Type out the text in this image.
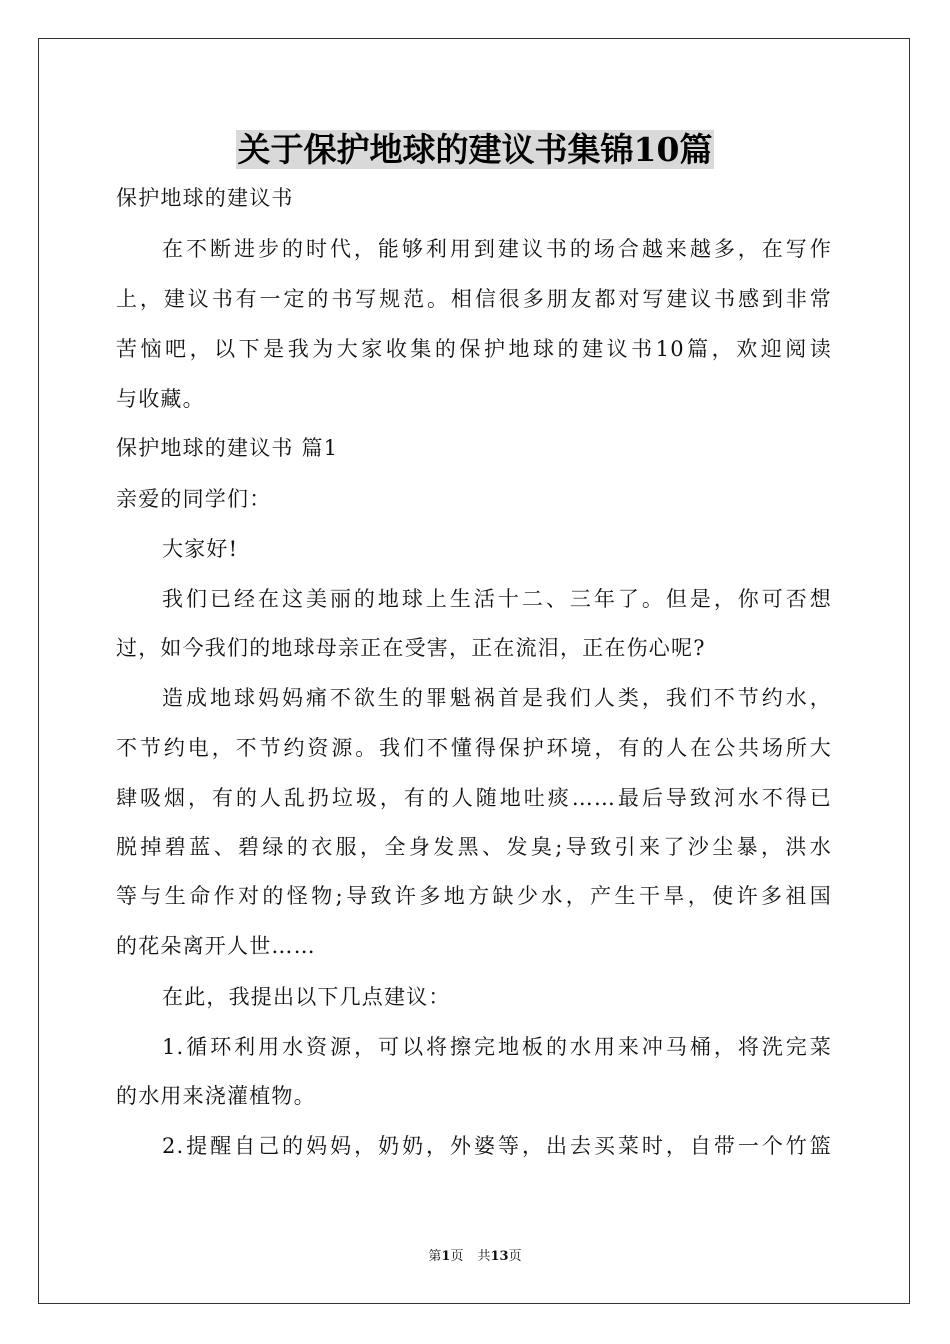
关于保护地球的建议书集锦10篇
保护地球的建议书
在不断进步的时代，能够利用到建议书的场合越来越多，在写作
上，建议书有一定的书写规范。相信很多朋友都对写建议书感到非常
苦恼吧，以下是我为大家收集的保护地球的建议书10篇，欢迎阅读
与收藏。
保护地球的建议书 篇1
亲爱的同学们：
大家好!
我们已经在这美丽的地球上生活十二、三年了。但是，你可否想
过，如今我们的地球母亲正在受害，正在流泪，正在伤心呢?
造成地球妈妈痛不欲生的罪魁祸首是我们人类，我们不节约水，
不节约电，不节约资源。我们不懂得保护环境，有的人在公共场所大
肆吸烟，有的人乱扔垃圾，有的人随地吐痰……最后导致河水不得已
脱掉碧蓝、碧绿的衣服，全身发黑、发臭;导致引来了沙尘暴，洪水
等与生命作对的怪物;导致许多地方缺少水，产生干旱，使许多祖国
的花朵离开人世……
在此，我提出以下几点建议：
1.循环利用水资源，可以将擦完地板的水用来冲马桶，将洗完菜
的水用来浇灌植物。
2.提醒自己的妈妈，奶奶，外婆等，出去买菜时，自带一个竹篮
第1页 共13页
